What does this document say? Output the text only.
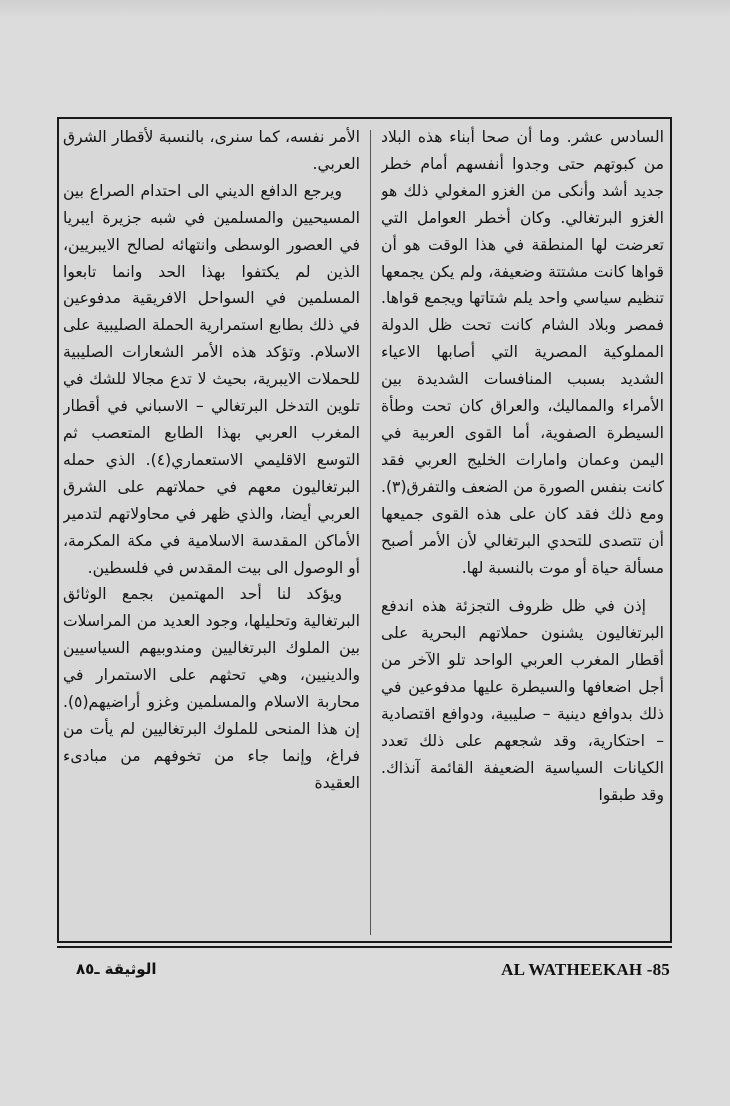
السادس عشر. وما أن صحا أبناء هذه البلاد من كبوتهم حتى وجدوا أنفسهم أمام خطر جديد أشد وأنكى من الغزو المغولي ذلك هو الغزو البرتغالي. وكان أخطر العوامل التي تعرضت لها المنطقة في هذا الوقت هو أن قواها كانت مشتتة وضعيفة، ولم يكن يجمعها تنظيم سياسي واحد يلم شتاتها ويجمع قواها. فمصر وبلاد الشام كانت تحت ظل الدولة المملوكية المصرية التي أصابها الاعياء الشديد بسبب المنافسات الشديدة بين الأمراء والمماليك، والعراق كان تحت وطأة السيطرة الصفوية، أما القوى العربية في اليمن وعمان وامارات الخليج العربي فقد كانت بنفس الصورة من الضعف والتفرق(٣). ومع ذلك فقد كان على هذه القوى جميعها أن تتصدى للتحدي البرتغالي لأن الأمر أصبح مسألة حياة أو موت بالنسبة لها.

إذن في ظل ظروف التجزئة هذه اندفع البرتغاليون يشنون حملاتهم البحرية على أقطار المغرب العربي الواحد تلو الآخر من أجل اضعافها والسيطرة عليها مدفوعين في ذلك بدوافع دينية – صليبية، ودوافع اقتصادية – احتكارية، وقد شجعهم على ذلك تعدد الكيانات السياسية الضعيفة القائمة آنذاك. وقد طبقوا

الأمر نفسه، كما سنرى، بالنسبة لأقطار الشرق العربي.

ويرجع الدافع الديني الى احتدام الصراع بين المسيحيين والمسلمين في شبه جزيرة ايبريا في العصور الوسطى وانتهائه لصالح الايبريين، الذين لم يكتفوا بهذا الحد وانما تابعوا المسلمين في السواحل الافريقية مدفوعين في ذلك بطابع استمرارية الحملة الصليبية على الاسلام. وتؤكد هذه الأمر الشعارات الصليبية للحملات الايبرية، بحيث لا تدع مجالا للشك في تلوين التدخل البرتغالي – الاسباني في أقطار المغرب العربي بهذا الطابع المتعصب ثم التوسع الاقليمي الاستعماري(٤). الذي حمله البرتغاليون معهم في حملاتهم على الشرق العربي أيضا، والذي ظهر في محاولاتهم لتدمير الأماكن المقدسة الاسلامية في مكة المكرمة، أو الوصول الى بيت المقدس في فلسطين.

ويؤكد لنا أحد المهتمين بجمع الوثائق البرتغالية وتحليلها، وجود العديد من المراسلات بين الملوك البرتغاليين ومندوبيهم السياسيين والدينيين، وهي تحثهم على الاستمرار في محاربة الاسلام والمسلمين وغزو أراضيهم(٥). إن هذا المنحى للملوك البرتغاليين لم يأت من فراغ، وإنما جاء من تخوفهم من مبادىء العقيدة

الوثيقة ـ٨٥	AL WATHEEKAH -85
